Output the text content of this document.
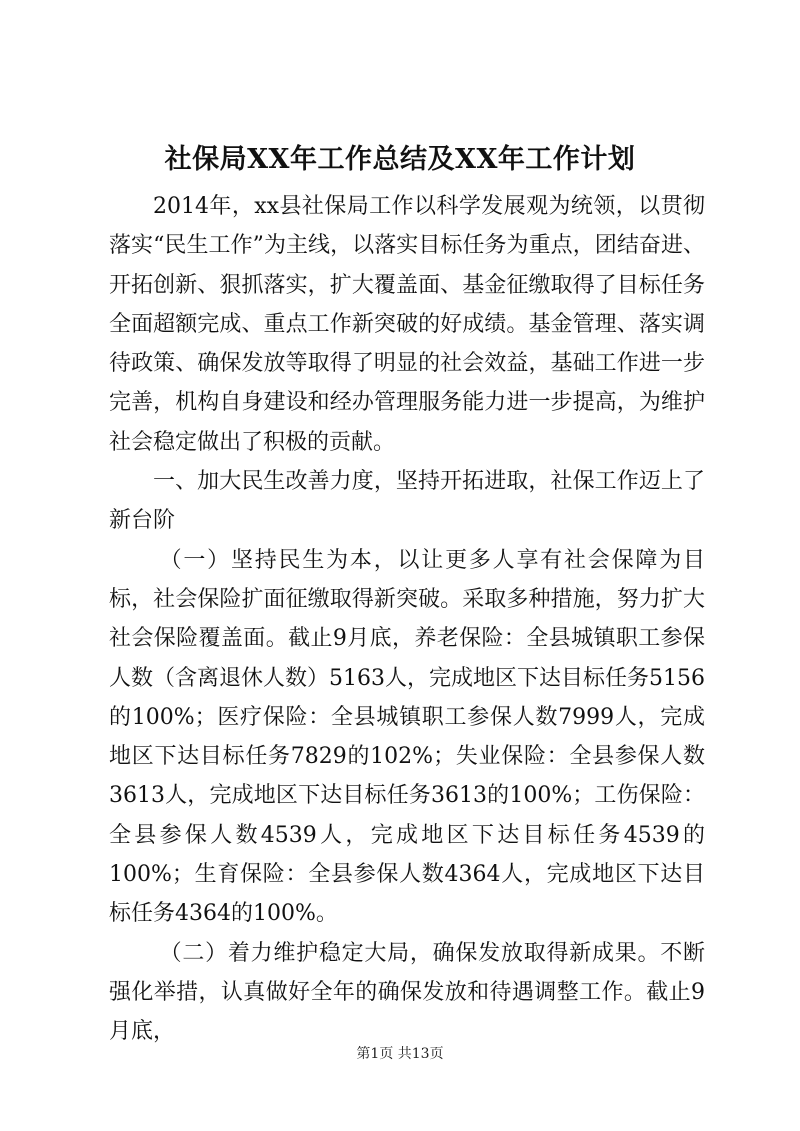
社保局XX年工作总结及XX年工作计划

2014年，xx县社保局工作以科学发展观为统领，以贯彻落实“民生工作”为主线，以落实目标任务为重点，团结奋进、开拓创新、狠抓落实，扩大覆盖面、基金征缴取得了目标任务全面超额完成、重点工作新突破的好成绩。基金管理、落实调待政策、确保发放等取得了明显的社会效益，基础工作进一步完善，机构自身建设和经办管理服务能力进一步提高，为维护社会稳定做出了积极的贡献。

一、加大民生改善力度，坚持开拓进取，社保工作迈上了新台阶

（一）坚持民生为本，以让更多人享有社会保障为目标，社会保险扩面征缴取得新突破。采取多种措施，努力扩大社会保险覆盖面。截止9月底，养老保险：全县城镇职工参保人数（含离退休人数）5163人，完成地区下达目标任务5156的100%；医疗保险：全县城镇职工参保人数7999人，完成地区下达目标任务7829的102%；失业保险：全县参保人数3613人，完成地区下达目标任务3613的100%；工伤保险：全县参保人数4539人，完成地区下达目标任务4539的100%；生育保险：全县参保人数4364人，完成地区下达目标任务4364的100%。

（二）着力维护稳定大局，确保发放取得新成果。不断强化举措，认真做好全年的确保发放和待遇调整工作。截止9月底，

第1页 共13页
